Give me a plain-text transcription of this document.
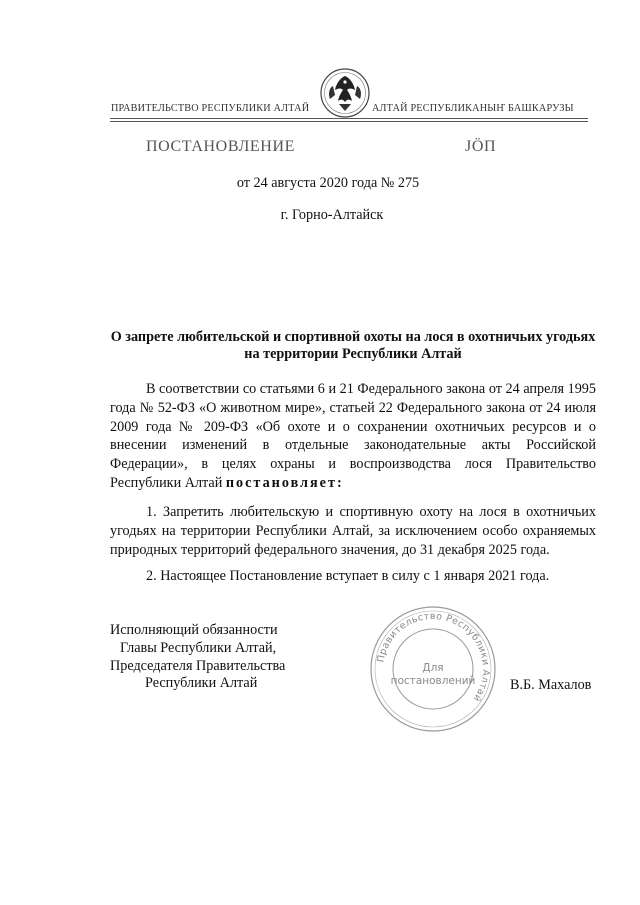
ПРАВИТЕЛЬСТВО РЕСПУБЛИКИ АЛТАЙ	АЛТАЙ РЕСПУБЛИКАНЫҤ БАШКАРУЗЫ
ПОСТАНОВЛЕНИЕ	ЈӦП
от 24 августа 2020 года № 275
г. Горно-Алтайск
О запрете любительской и спортивной охоты на лося в охотничьих угодьях на территории Республики Алтай
В соответствии со статьями 6 и 21 Федерального закона от 24 апреля 1995 года № 52-ФЗ «О животном мире», статьей 22 Федерального закона от 24 июля 2009 года № 209-ФЗ «Об охоте и о сохранении охотничьих ресурсов и о внесении изменений в отдельные законодательные акты Российской Федерации», в целях охраны и воспроизводства лося Правительство Республики Алтай постановляет:
1. Запретить любительскую и спортивную охоту на лося в охотничьих угодьях на территории Республики Алтай, за исключением особо охраняемых природных территорий федерального значения, до 31 декабря 2025 года.
2. Настоящее Постановление вступает в силу с 1 января 2021 года.
Исполняющий обязанности
Главы Республики Алтай,
Председателя Правительства
Республики Алтай
Правительство Республики Алтай
Для
постановлений В.Б. Махалов
